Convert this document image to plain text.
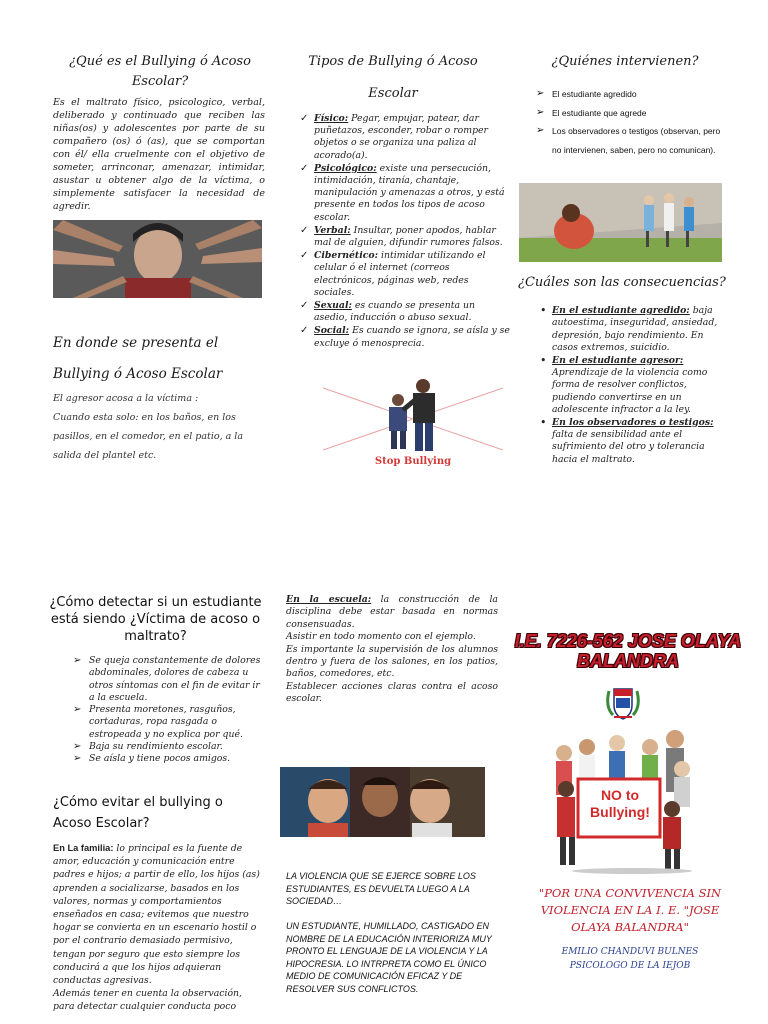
¿Qué es el Bullying ó Acoso Escolar?
Es el maltrato físico, psicologico, verbal, deliberado y continuado que reciben las niñas(os) y adolescentes por parte de su compañero (os) ó (as), que se comportan con él/ ella cruelmente con el objetivo de someter, arrinconar, amenazar, intimidar, asustar u obtener algo de la víctima, o simplemente satisfacer la necesidad de agredir.
En donde se presenta el
Bullying ó Acoso Escolar
El agresor acosa a la víctima :
Cuando esta solo: en los baños, en los
pasillos, en el comedor, en el patio, a la
salida del plantel etc.
Tipos de Bullying ó Acoso
Escolar
✓ Físico: Pegar, empujar, patear, dar puñetazos, esconder, robar o romper objetos o se organiza una paliza al acorado(a).
✓ Psicológico: existe una persecución, intimidación, tiranía, chantaje, manipulación y amenazas a otros, y está presente en todos los tipos de acoso escolar.
✓ Verbal: Insultar, poner apodos, hablar mal de alguien, difundir rumores falsos.
✓ Cibernético: intimidar utilizando el celular ó el internet (correos electrónicos, páginas web, redes sociales.
✓ Sexual: es cuando se presenta un asedio, inducción o abuso sexual.
✓ Social: Es cuando se ignora, se aísla y se excluye ó menosprecia.
Stop Bullying
¿Quiénes intervienen?
➢ El estudiante agredido
➢ El estudiante que agrede
➢ Los observadores o testigos (observan, pero no intervienen, saben, pero no comunican).
¿Cuáles son las consecuencias?
• En el estudiante agredido: baja autoestima, inseguridad, ansiedad, depresión, bajo rendimiento. En casos extremos, suicidio.
• En el estudiante agresor: Aprendizaje de la violencia como forma de resolver conflictos, pudiendo convertirse en un adolescente infractor a la ley.
• En los observadores o testigos: falta de sensibilidad ante el sufrimiento del otro y tolerancia hacia el maltrato.
¿Cómo detectar si un estudiante está siendo ¿Víctima de acoso o maltrato?
➢ Se queja constantemente de dolores abdominales, dolores de cabeza u otros síntomas con el fin de evitar ir a la escuela.
➢ Presenta moretones, rasguños, cortaduras, ropa rasgada o estropeada y no explica por qué.
➢ Baja su rendimiento escolar.
➢ Se aísla y tiene pocos amigos.
¿Cómo evitar el bullying o Acoso Escolar?
En La familia: lo principal es la fuente de amor, educación y comunicación entre padres e hijos; a partir de ello, los hijos (as) aprenden a socializarse, basados en los valores, normas y comportamientos enseñados en casa; evitemos que nuestro hogar se convierta en un escenario hostil o por el contrario demasiado permisivo, tengan por seguro que esto siempre los conducirá a que los hijos adquieran conductas agresivas.
Además tener en cuenta la observación, para detectar cualquier conducta poco
En la escuela: la construcción de la disciplina debe estar basada en normas consensuadas.
Asistir en todo momento con el ejemplo.
Es importante la supervisión de los alumnos dentro y fuera de los salones, en los patios, baños, comedores, etc.
Establecer acciones claras contra el acoso escolar.
LA VIOLENCIA QUE SE EJERCE SOBRE LOS ESTUDIANTES, ES DEVUELTA LUEGO A LA SOCIEDAD…
UN ESTUDIANTE, HUMILLADO, CASTIGADO EN NOMBRE DE LA EDUCACIÓN INTERIORIZA MUY PRONTO EL LENGUAJE DE LA VIOLENCIA Y LA HIPOCRESIA. LO INTRPRETA COMO EL ÚNICO MEDIO DE COMUNICACIÓN EFICAZ Y DE RESOLVER SUS CONFLICTOS.
I.E. 7226-562 JOSE OLAYA BALANDRA
NO to Bullying!
"POR UNA CONVIVENCIA SIN VIOLENCIA EN LA I. E. "JOSE OLAYA BALANDRA"
EMILIO CHANDUVI BULNES
PSICOLOGO DE LA IEJOB
